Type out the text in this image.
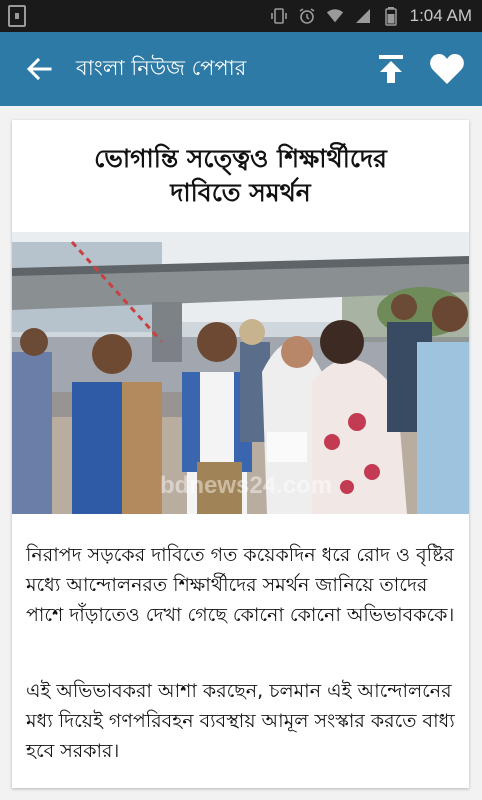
1:04 AM
বাংলা নিউজ পেপার
ভোগান্তি সত্ত্বেও শিক্ষার্থীদের
দাবিতে সমর্থন
bdnews24.com
নিরাপদ সড়কের দাবিতে গত কয়েকদিন ধরে রোদ ও বৃষ্টির মধ্যে আন্দোলনরত শিক্ষার্থীদের সমর্থন জানিয়ে তাদের পাশে দাঁড়াতেও দেখা গেছে কোনো কোনো অভিভাবককে।
এই অভিভাবকরা আশা করছেন, চলমান এই আন্দোলনের মধ্য দিয়েই গণপরিবহন ব্যবস্থায় আমূল সংস্কার করতে বাধ্য হবে সরকার।
